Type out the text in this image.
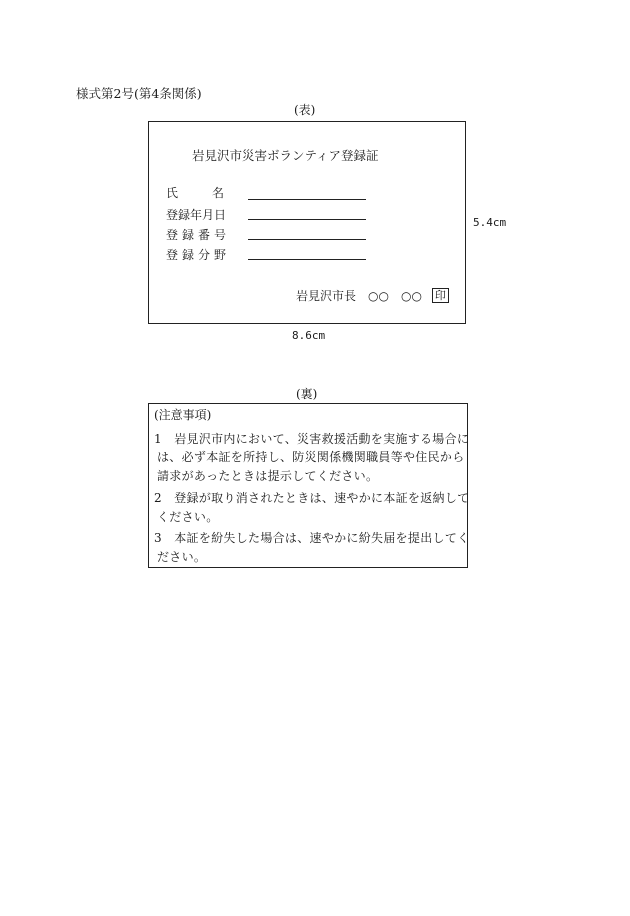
様式第2号(第4条関係)
(表)
岩見沢市災害ボランティア登録証
氏	名
登録年月日
登録番号
登録分野
岩見沢市長 ○○ ○○ 印
5.4cm
8.6cm
(裏)
(注意事項)
1　岩見沢市内において、災害救援活動を実施する場合に
は、必ず本証を所持し、防災関係機関職員等や住民から
請求があったときは提示してください。
2　登録が取り消されたときは、速やかに本証を返納して
ください。
3　本証を紛失した場合は、速やかに紛失届を提出してく
ださい。
